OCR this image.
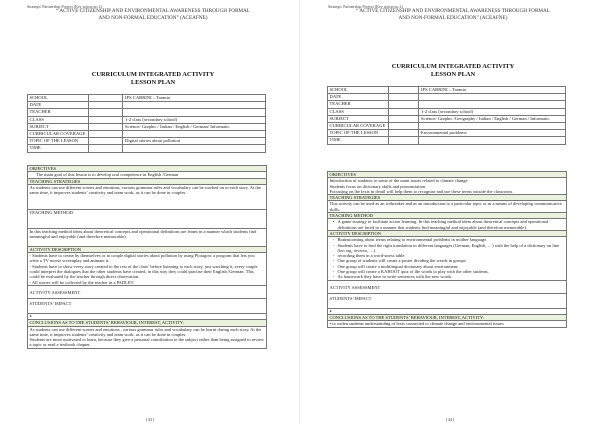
Strategic Partnership Project (Key action no 2)
“ ACTIVE CITIZENSHIP AND ENVIRONMENTAL AWARENESS THROUGH FORMAL
AND NON-FORMAL EDUCATION” (ACEAFNE)
CURRICULUM INTEGRATED ACTIVITY
LESSON PLAN
SCHOOL		IPS CABRINI – Taranto
DATE		
TEACHER		
CLASS		1-2 class (secondary school)
SUBJECT		Science/ Graphic / Italian / English / German/ Informatic
CURRICULAR COVERAGE		
TOPIC OF THE LESSON		Digital stories about pollution
TIME		
OBJECTIVES
The main goal of this lesson is to develop oral competence in English /German
TEACHING STRATEGIES
As students can use different scenes and emotions, various grammar rules and vocabulary can be worked on in each story. At the same time, it improves students’ creativity and team work, as it can be done in couples.
TEACHING METHOD
In this teaching method ideas about theoretical concepts and operational definitions are learnt in a manner which students find meaningful and enjoyable (and therefore memorable).
ACTIVITY DESCRIPTION
- Students have to create by themselves or in couple digital stories about pollution by using Plotagon: a program that lets you write a TV movie screenplay and animate it.
- Students have to show every story created to the rest of the class’ before listening to each story, just watching it, every couple could interpret the dialogues that the other students have created, in this way they could practise their English /German. This could be evaluated by the teacher through direct observation.
- All stories will be collected by the teacher in a PADLET.
ACTIVITY ASSESSMENT
STUDENTS’ IMPACT
●
CONCLUSIONS AS TO THE STUDENTS’ BEHAVIOUR, INTEREST, ACTIVITY:
As students can use different scenes and emotions , various grammar rules and vocabulary can be learnt during each story. At the same time, it improves students’ creativity and team work, as it can be done in couples.
Students are more motivated to learn, because they give a personal contribution to the subject rather than being assigned to review a topic or read a textbook chapter.
[43]
Strategic Partnership Project (Key action no 2)
“ ACTIVE CITIZENSHIP AND ENVIRONMENTAL AWARENESS THROUGH FORMAL
AND NON-FORMAL EDUCATION” (ACEAFNE)
CURRICULUM INTEGRATED ACTIVITY
LESSON PLAN
SCHOOL		IPS CABRINI – Taranto
DATE		
TEACHER		
CLASS		1-2 class (secondary school)
SUBJECT		Science/ Graphic /Geography / Italian / English / German / Informatic
CURRICULAR COVERAGE		
TOPIC OF THE LESSON		Environmental problems
TIME		
OBJECTIVES
Introduction of students to some of the main issues related to climate change.
Students focus on dictionary skills and pronunciation.
Focussing on the lexis in detail will help them to recognise and use these terms outside the classroom.
TEACHING STRATEGIES
This activity can be used as an icebreaker and as an introduction to a particular topic or as a means of developing communicative skills.
TEACHING METHOD
• A game strategy to facilitate action learning. In this teaching method ideas about theoretical concepts and operational definitions are faced in a manner that students find meaningful and enjoyable (and therefore memorable).
ACTIVITY DESCRIPTION
- Brainstorming about terms relating to environmental problems in mother language.
- Students have to find the right translation in different languages (German, English, …) with the help of a dictionary on line (leo.org, reverso, …).
- recording them in a word-stress table.
- One group of students will create a poster dividing the words in groups.
- One group will create a multilingual dictionary about environment;
- One group will create a KAHOOT quiz of the words to play with the other students.
- As homework they have to write sentences with the new words.
ACTIVITY ASSESSMENT
STUDENTS’ IMPACT
●
CONCLUSIONS AS TO THE STUDENTS’ BEHAVIOUR, INTEREST, ACTIVITY:
• to widen students understanding of lexis connected to climate change and environmental issues
[44]
